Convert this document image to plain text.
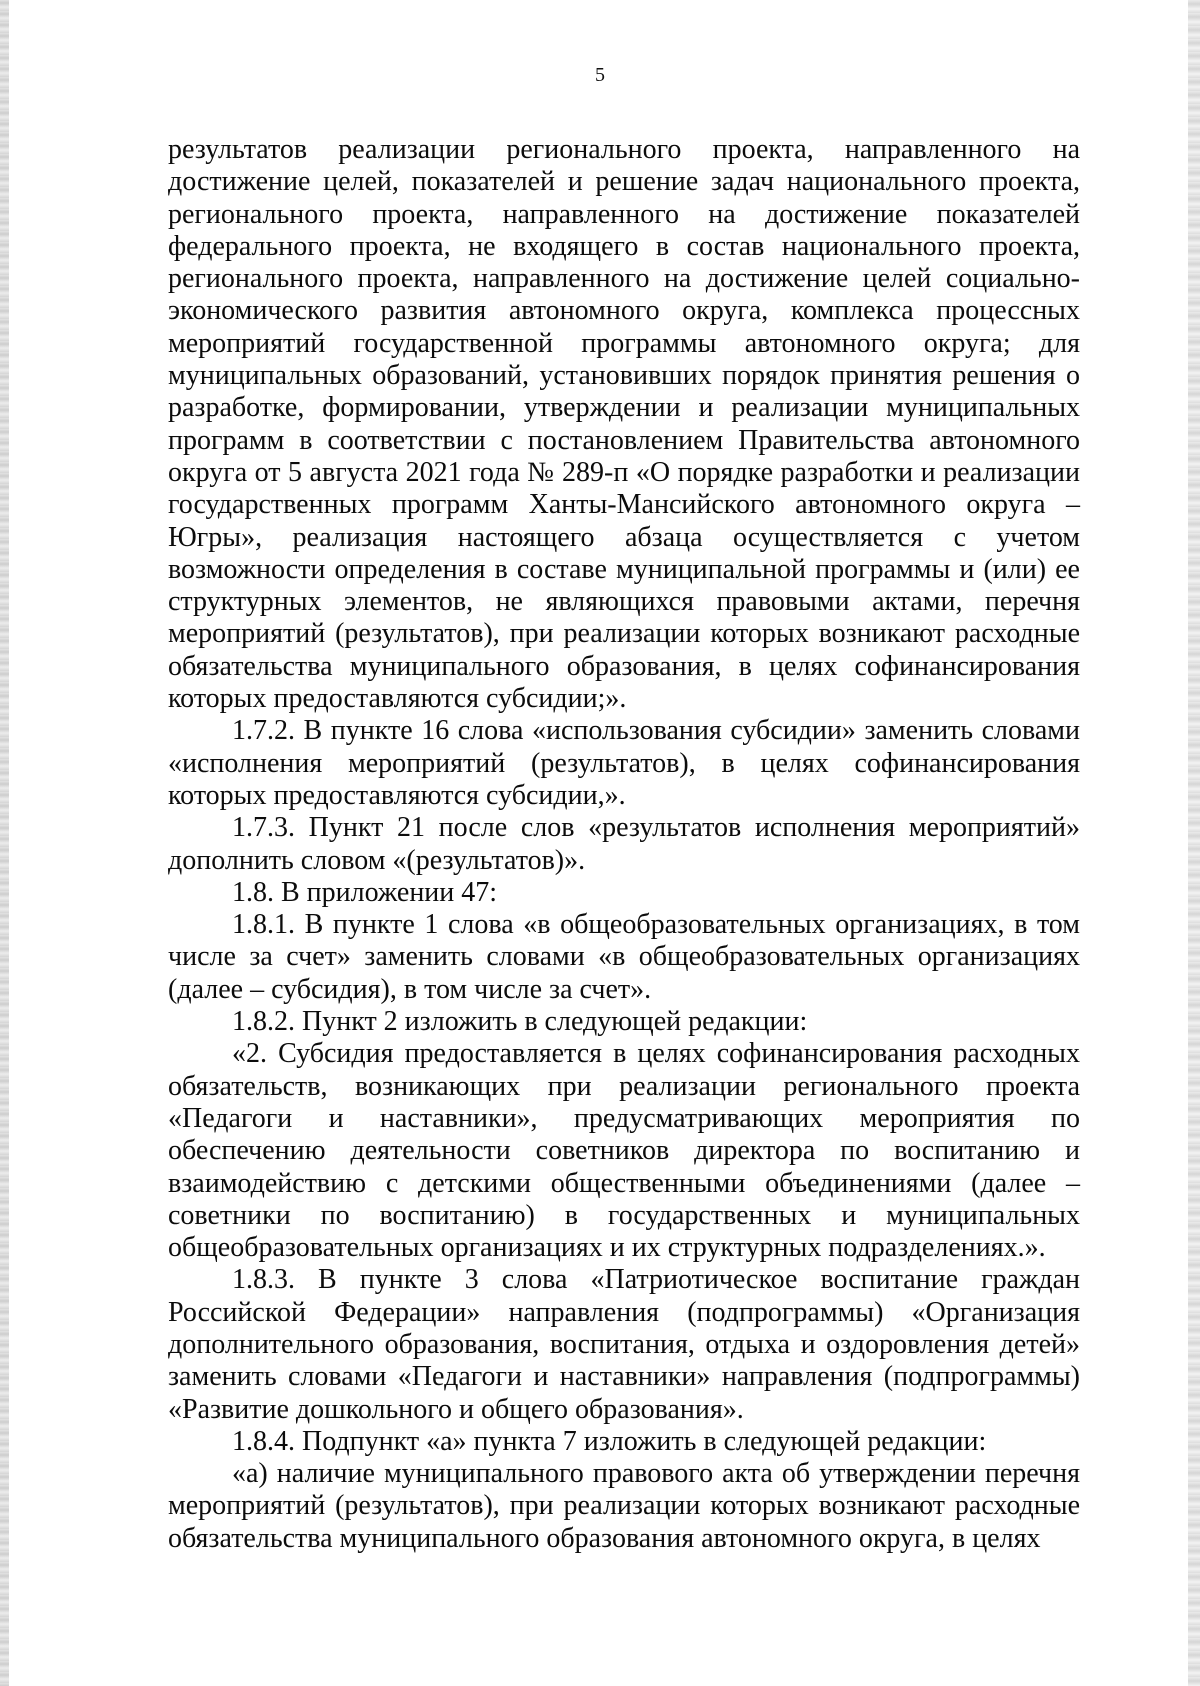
5

результатов реализации регионального проекта, направленного на достижение целей, показателей и решение задач национального проекта, регионального проекта, направленного на достижение показателей федерального проекта, не входящего в состав национального проекта, регионального проекта, направленного на достижение целей социально-экономического развития автономного округа, комплекса процессных мероприятий государственной программы автономного округа; для муниципальных образований, установивших порядок принятия решения о разработке, формировании, утверждении и реализации муниципальных программ в соответствии с постановлением Правительства автономного округа от 5 августа 2021 года № 289-п «О порядке разработки и реализации государственных программ Ханты-Мансийского автономного округа – Югры», реализация настоящего абзаца осуществляется с учетом возможности определения в составе муниципальной программы и (или) ее структурных элементов, не являющихся правовыми актами, перечня мероприятий (результатов), при реализации которых возникают расходные обязательства муниципального образования, в целях софинансирования которых предоставляются субсидии;».

1.7.2. В пункте 16 слова «использования субсидии» заменить словами «исполнения мероприятий (результатов), в целях софинансирования которых предоставляются субсидии,».

1.7.3. Пункт 21 после слов «результатов исполнения мероприятий» дополнить словом «(результатов)».

1.8. В приложении 47:

1.8.1. В пункте 1 слова «в общеобразовательных организациях, в том числе за счет» заменить словами «в общеобразовательных организациях (далее – субсидия), в том числе за счет».

1.8.2. Пункт 2 изложить в следующей редакции:

«2. Субсидия предоставляется в целях софинансирования расходных обязательств, возникающих при реализации регионального проекта «Педагоги и наставники», предусматривающих мероприятия по обеспечению деятельности советников директора по воспитанию и взаимодействию с детскими общественными объединениями (далее – советники по воспитанию) в государственных и муниципальных общеобразовательных организациях и их структурных подразделениях.».

1.8.3. В пункте 3 слова «Патриотическое воспитание граждан Российской Федерации» направления (подпрограммы) «Организация дополнительного образования, воспитания, отдыха и оздоровления детей» заменить словами «Педагоги и наставники» направления (подпрограммы) «Развитие дошкольного и общего образования».

1.8.4. Подпункт «а» пункта 7 изложить в следующей редакции:

«а) наличие муниципального правового акта об утверждении перечня мероприятий (результатов), при реализации которых возникают расходные обязательства муниципального образования автономного округа, в целях
